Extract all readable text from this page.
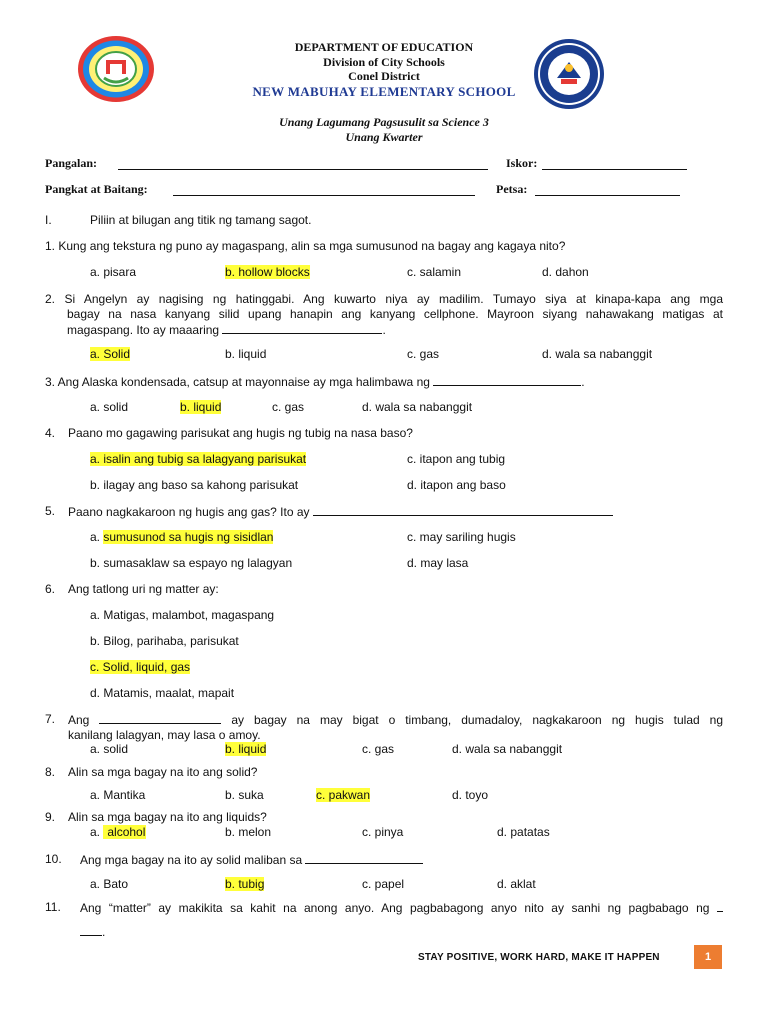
DEPARTMENT OF EDUCATION
Division of City Schools
Conel District
NEW MABUHAY ELEMENTARY SCHOOL
Unang Lagumang Pagsusulit sa Science 3
Unang Kwarter
Pangalan:	Iskor:
Pangkat at Baitang:	Petsa:
I.	Piliin at bilugan ang titik ng tamang sagot.
1. Kung ang tekstura ng puno ay magaspang, alin sa mga sumusunod na bagay ang kagaya nito?
a. pisara	b. hollow blocks	c. salamin	d. dahon
2. Si Angelyn ay nagising ng hatinggabi. Ang kuwarto niya ay madilim. Tumayo siya at kinapa-kapa ang mga
bagay na nasa kanyang silid upang hanapin ang kanyang cellphone. Mayroon siyang nahawakang matigas at
magaspang. Ito ay maaaring	.
a. Solid	b. liquid	c. gas	d. wala sa nabanggit
3. Ang Alaska kondensada, catsup at mayonnaise ay mga halimbawa ng	.
a. solid	b. liquid	c. gas	d. wala sa nabanggit
4. Paano mo gagawing parisukat ang hugis ng tubig na nasa baso?
a. isalin ang tubig sa lalagyang parisukat	c. itapon ang tubig
b. ilagay ang baso sa kahong parisukat	d. itapon ang baso
5. Paano nagkakaroon ng hugis ang gas? Ito ay
a. sumusunod sa hugis ng sisidlan	c. may sariling hugis
b. sumasaklaw sa espayo ng lalagyan	d. may lasa
6. Ang tatlong uri ng matter ay:
a. Matigas, malambot, magaspang
b. Bilog, parihaba, parisukat
c. Solid, liquid, gas
d. Matamis, maalat, mapait
7. Ang	ay bagay na may bigat o timbang, dumadaloy, nagkakaroon ng hugis tulad ng
kanilang lalagyan, may lasa o amoy.
a. solid	b. liquid	c. gas	d. wala sa nabanggit
8. Alin sa mga bagay na ito ang solid?
a. Mantika	b. suka	c. pakwan	d. toyo
9. Alin sa mga bagay na ito ang liquids?
a. alcohol	b. melon	c. pinya	d. patatas
10. Ang mga bagay na ito ay solid maliban sa
a. Bato	b. tubig	c. papel	d. aklat
11. Ang “matter” ay makikita sa kahit na anong anyo. Ang pagbabagong anyo nito ay sanhi ng pagbabago ng
.
STAY POSITIVE, WORK HARD, MAKE IT HAPPEN	1
